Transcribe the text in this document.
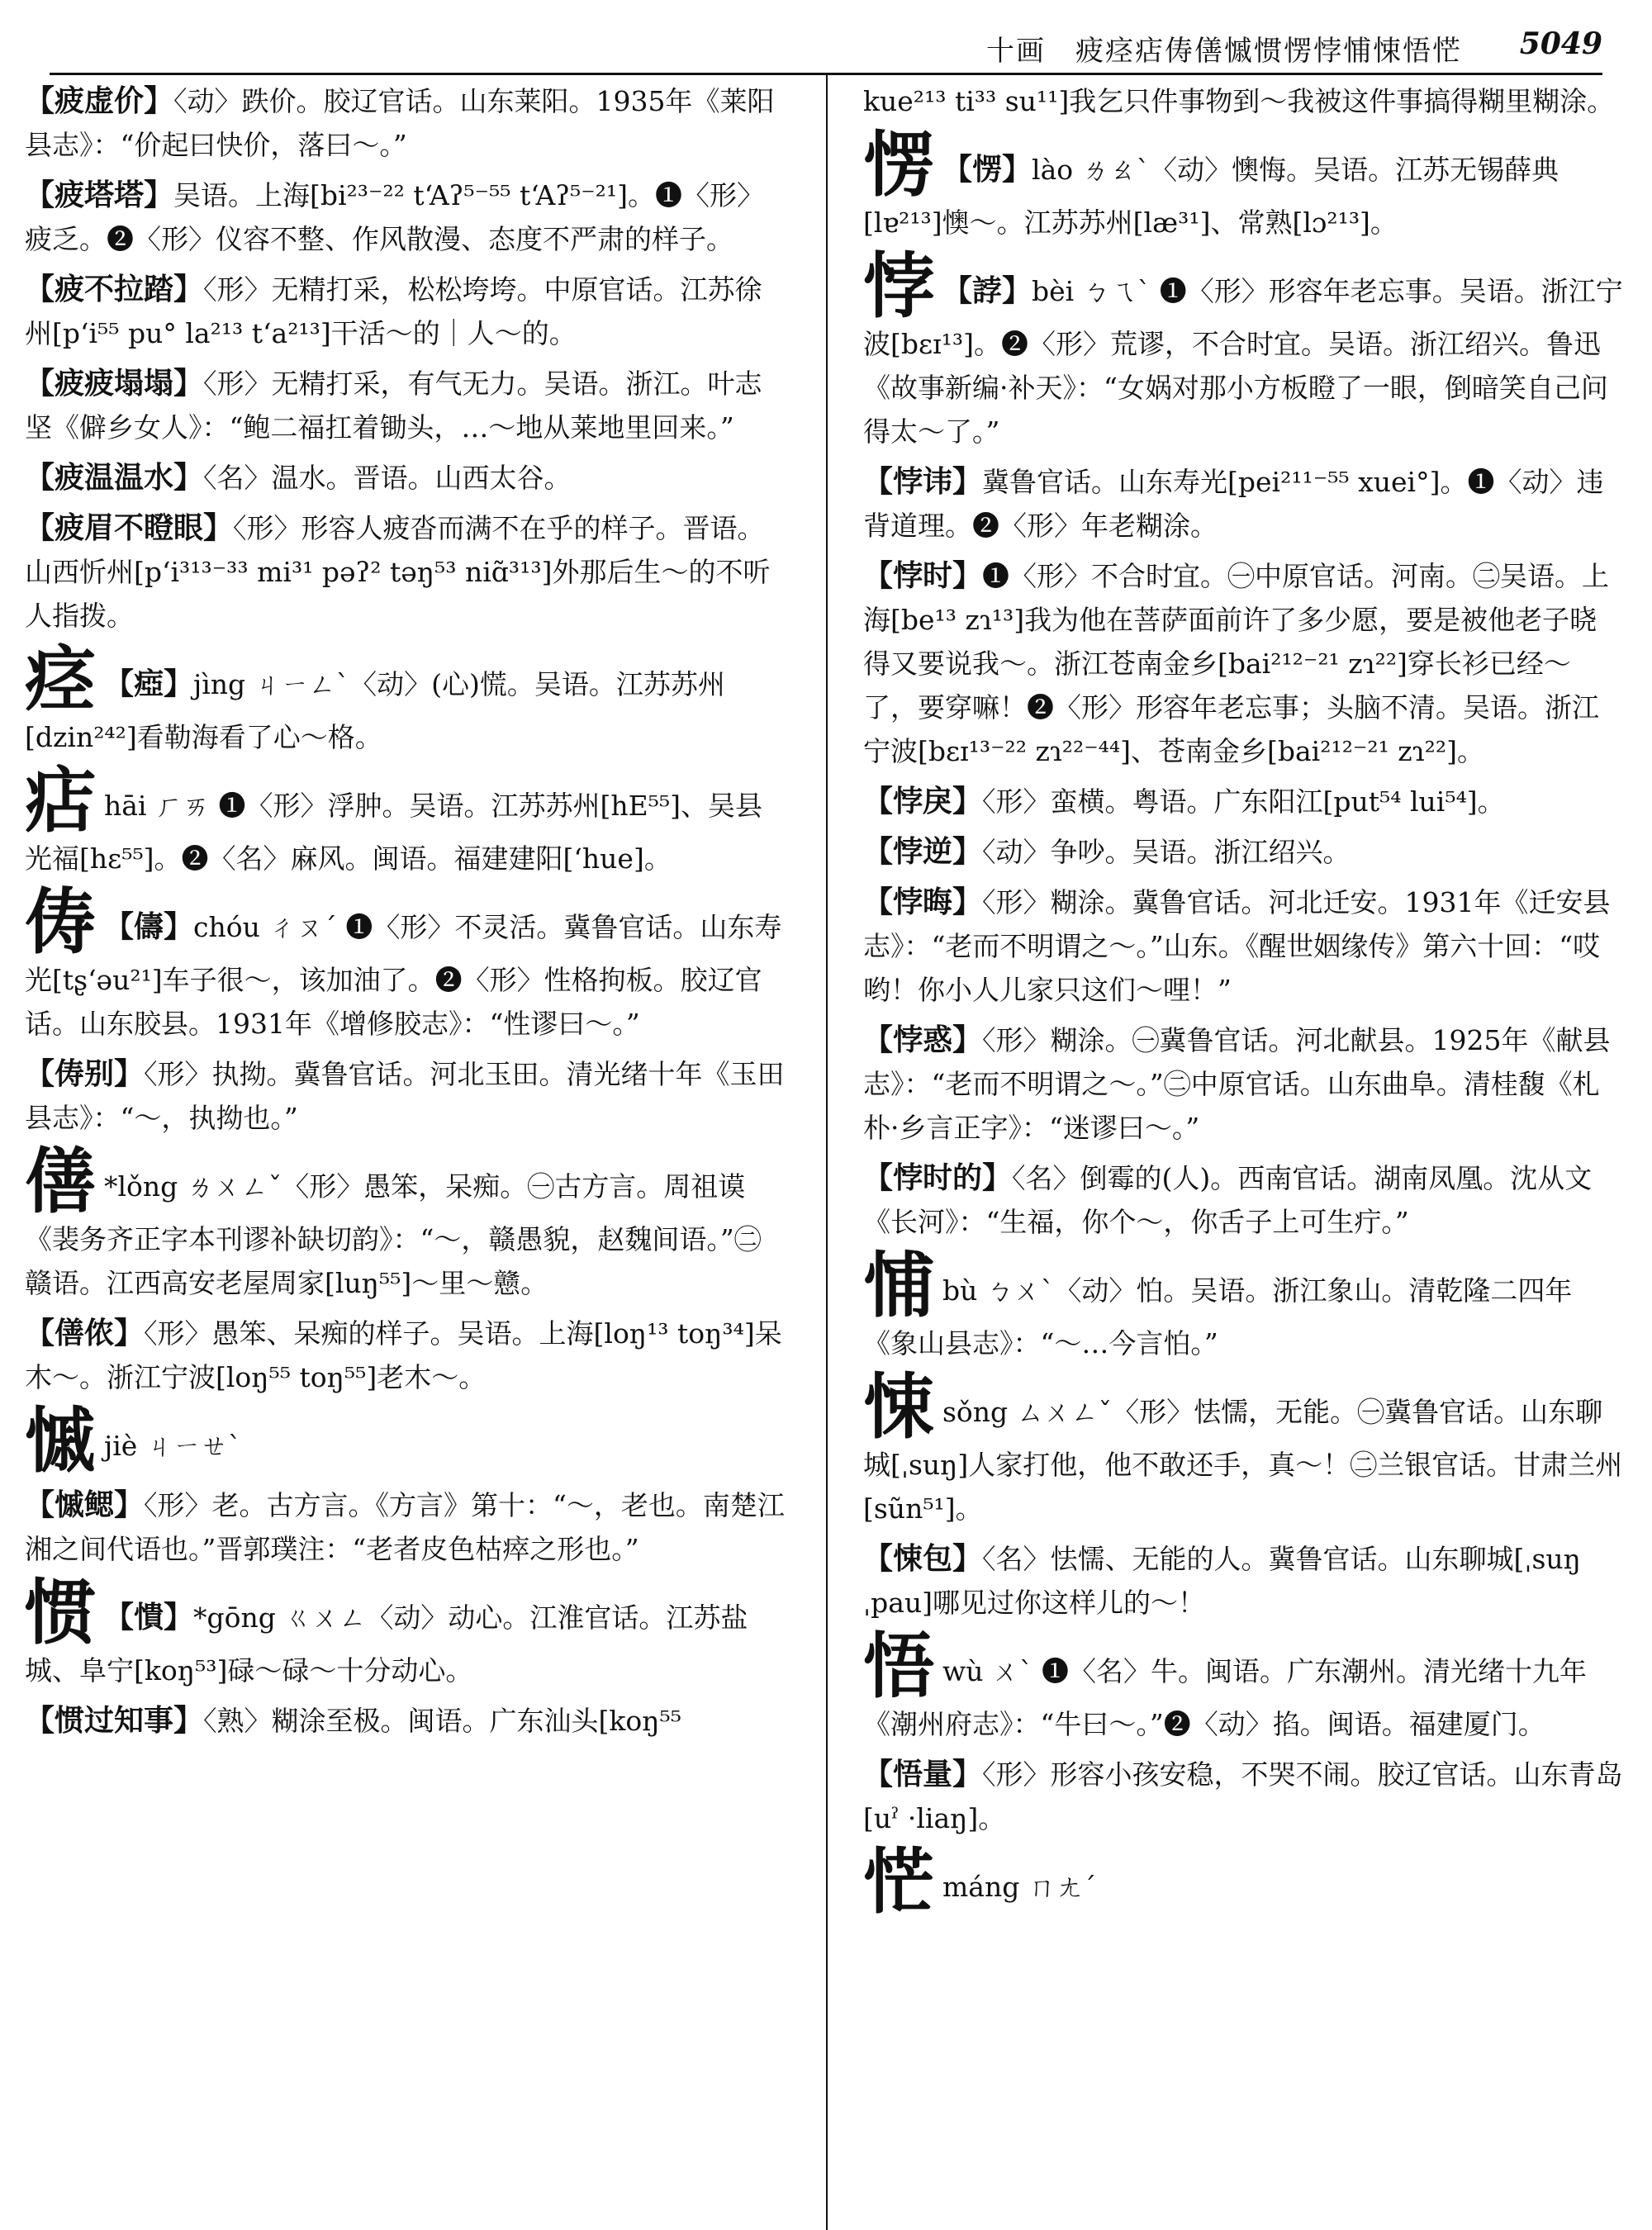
十画　疲痉痁俦僐慽惯愣悖悑悚悟恾 5049

【疲虚价】〈动〉跌价。胶辽官话。山东莱阳。1935年《莱阳县志》：“价起曰快价，落曰～。”

【疲塔塔】吴语。上海[bi²³⁻²² tʻAʔ⁵⁻⁵⁵ tʻAʔ⁵⁻²¹]。❶〈形〉疲乏。❷〈形〉仪容不整、作风散漫、态度不严肃的样子。

【疲不拉踏】〈形〉无精打采，松松垮垮。中原官话。江苏徐州[pʻi⁵⁵ pu° la²¹³ tʻa²¹³]干活～的｜人～的。

【疲疲塌塌】〈形〉无精打采，有气无力。吴语。浙江。叶志坚《僻乡女人》：“鲍二福扛着锄头，…～地从莱地里回来。”

【疲温温水】〈名〉温水。晋语。山西太谷。

【疲眉不瞪眼】〈形〉形容人疲沓而满不在乎的样子。晋语。山西忻州[pʻi³¹³⁻³³ mi³¹ pəʔ² təŋ⁵³ niɑ̃³¹³]外那后生～的不听人指拨。

痉 【瘂】jìng ㄐㄧㄥˋ〈动〉(心)慌。吴语。江苏苏州[dzin²⁴²]看勒海看了心～格。

痁hāi ㄏㄞ ❶〈形〉浮肿。吴语。江苏苏州[hE⁵⁵]、吴县光福[hɛ⁵⁵]。❷〈名〉麻风。闽语。福建建阳[ʻhue]。

俦 【儔】chóu ㄔㄡˊ ❶〈形〉不灵活。冀鲁官话。山东寿光[tʂʻəu²¹]车子很～，该加油了。❷〈形〉性格拘板。胶辽官话。山东胶县。1931年《增修胶志》：“性谬曰～。”

【俦别】〈形〉执拗。冀鲁官话。河北玉田。清光绪十年《玉田县志》：“～，执拗也。”

僐 *lǒng ㄌㄨㄥˇ〈形〉愚笨，呆痴。㊀古方言。周祖谟《裴务齐正字本刊谬补缺切韵》：“～，赣愚貌，赵魏间语。”㊁赣语。江西高安老屋周家[luŋ⁵⁵]～里～戆。

【僐侬】〈形〉愚笨、呆痴的样子。吴语。上海[loŋ¹³ toŋ³⁴]呆木～。浙江宁波[loŋ⁵⁵ toŋ⁵⁵]老木～。

慽jiè ㄐㄧㄝˋ

【慽鳃】〈形〉老。古方言。《方言》第十：“～，老也。南楚江湘之间代语也。”晋郭璞注：“老者皮色枯瘁之形也。”

惯 【憒】*gōng ㄍㄨㄥ〈动〉动心。江淮官话。江苏盐城、阜宁[koŋ⁵³]碌～碌～十分动心。

【惯过知事】〈熟〉糊涂至极。闽语。广东汕头[koŋ⁵⁵

kue²¹³ ti³³ su¹¹]我乞只件事物到～我被这件事搞得糊里糊涂。

愣 【愣】lào ㄌㄠˋ〈动〉懊悔。吴语。江苏无锡薛典[lɐ²¹³]懊～。江苏苏州[læ³¹]、常熟[lɔ²¹³]。

悖 【誖】bèi ㄅㄟˋ ❶〈形〉形容年老忘事。吴语。浙江宁波[bɛɪ¹³]。❷〈形〉荒谬，不合时宜。吴语。浙江绍兴。鲁迅《故事新编·补天》：“女娲对那小方板瞪了一眼，倒暗笑自己问得太～了。”

【悖讳】冀鲁官话。山东寿光[pei²¹¹⁻⁵⁵ xuei°]。❶〈动〉违背道理。❷〈形〉年老糊涂。

【悖时】❶〈形〉不合时宜。㊀中原官话。河南。㊁吴语。上海[be¹³ zɿ¹³]我为他在菩萨面前许了多少愿，要是被他老子晓得又要说我～。浙江苍南金乡[bai²¹²⁻²¹ zɿ²²]穿长衫已经～了，要穿嘛！❷〈形〉形容年老忘事；头脑不清。吴语。浙江宁波[bɛɪ¹³⁻²² zɿ²²⁻⁴⁴]、苍南金乡[bai²¹²⁻²¹ zɿ²²]。

【悖戾】〈形〉蛮横。粤语。广东阳江[put⁵⁴ lui⁵⁴]。

【悖逆】〈动〉争吵。吴语。浙江绍兴。

【悖晦】〈形〉糊涂。冀鲁官话。河北迁安。1931年《迁安县志》：“老而不明谓之～。”山东。《醒世姻缘传》第六十回：“哎哟！你小人儿家只这们～哩！”

【悖惑】〈形〉糊涂。㊀冀鲁官话。河北献县。1925年《献县志》：“老而不明谓之～。”㊁中原官话。山东曲阜。清桂馥《札朴·乡言正字》：“迷谬曰～。”

【悖时的】〈名〉倒霉的(人)。西南官话。湖南凤凰。沈从文《长河》：“生福，你个～，你舌子上可生疔。”

悑bù ㄅㄨˋ〈动〉怕。吴语。浙江象山。清乾隆二四年《象山县志》：“～…今言怕。”

悚sǒng ㄙㄨㄥˇ〈形〉怯懦，无能。㊀冀鲁官话。山东聊城[ˌsuŋ]人家打他，他不敢还手，真～！㊁兰银官话。甘肃兰州[sũn⁵¹]。

【悚包】〈名〉怯懦、无能的人。冀鲁官话。山东聊城[ˌsuŋ ˌpau]哪见过你这样儿的～！

悟wù ㄨˋ ❶〈名〉牛。闽语。广东潮州。清光绪十九年《潮州府志》：“牛曰～。”❷〈动〉掐。闽语。福建厦门。

【悟量】〈形〉形容小孩安稳，不哭不闹。胶辽官话。山东青岛[uˀ ·liaŋ]。

恾máng ㄇㄤˊ
